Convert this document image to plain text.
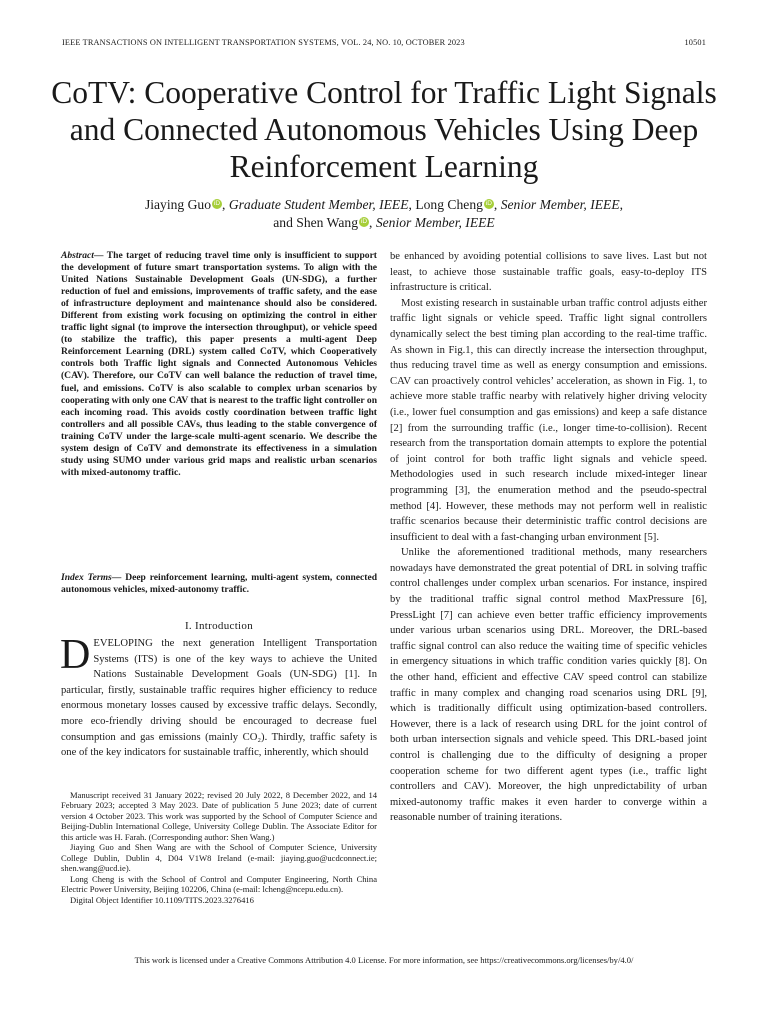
IEEE TRANSACTIONS ON INTELLIGENT TRANSPORTATION SYSTEMS, VOL. 24, NO. 10, OCTOBER 2023	10501
CoTV: Cooperative Control for Traffic Light Signals and Connected Autonomous Vehicles Using Deep Reinforcement Learning
Jiaying Guo iD , Graduate Student Member, IEEE, Long Cheng iD , Senior Member, IEEE,
and Shen Wang iD , Senior Member, IEEE
Abstract— The target of reducing travel time only is insufficient to support the development of future smart transportation systems. To align with the United Nations Sustainable Development Goals (UN-SDG), a further reduction of fuel and emissions, improvements of traffic safety, and the ease of infrastructure deployment and maintenance should also be considered. Different from existing work focusing on optimizing the control in either traffic light signal (to improve the intersection throughput), or vehicle speed (to stabilize the traffic), this paper presents a multi-agent Deep Reinforcement Learning (DRL) system called CoTV, which Cooperatively controls both Traffic light signals and Connected Autonomous Vehicles (CAV). Therefore, our CoTV can well balance the reduction of travel time, fuel, and emissions. CoTV is also scalable to complex urban scenarios by cooperating with only one CAV that is nearest to the traffic light controller on each incoming road. This avoids costly coordination between traffic light controllers and all possible CAVs, thus leading to the stable convergence of training CoTV under the large-scale multi-agent scenario. We describe the system design of CoTV and demonstrate its effectiveness in a simulation study using SUMO under various grid maps and realistic urban scenarios with mixed-autonomy traffic.
Index Terms— Deep reinforcement learning, multi-agent system, connected autonomous vehicles, mixed-autonomy traffic.
I. Introduction

DEVELOPING the next generation Intelligent Transportation Systems (ITS) is one of the key ways to achieve the United Nations Sustainable Development Goals (UN-SDG) [1]. In particular, firstly, sustainable traffic requires higher efficiency to reduce enormous monetary losses caused by excessive traffic delays. Secondly, more eco-friendly driving should be encouraged to decrease fuel consumption and gas emissions (mainly CO₂). Thirdly, traffic safety is one of the key indicators for sustainable traffic, inherently, which should

Manuscript received 31 January 2022; revised 20 July 2022, 8 December 2022, and 14 February 2023; accepted 3 May 2023. Date of publication 5 June 2023; date of current version 4 October 2023. This work was supported by the School of Computer Science and Beijing-Dublin International College, University College Dublin. The Associate Editor for this article was H. Farah. (Corresponding author: Shen Wang.)

Jiaying Guo and Shen Wang are with the School of Computer Science, University College Dublin, Dublin 4, D04 V1W8 Ireland (e-mail: jiaying.guo@ucdconnect.ie; shen.wang@ucd.ie).

Long Cheng is with the School of Control and Computer Engineering, North China Electric Power University, Beijing 102206, China (e-mail: lcheng@ncepu.edu.cn).

Digital Object Identifier 10.1109/TITS.2023.3276416

be enhanced by avoiding potential collisions to save lives. Last but not least, to achieve those sustainable traffic goals, easy-to-deploy ITS infrastructure is critical.

Most existing research in sustainable urban traffic control adjusts either traffic light signals or vehicle speed. Traffic light signal controllers dynamically select the best timing plan according to the real-time traffic. As shown in Fig.1, this can directly increase the intersection throughput, thus reducing travel time as well as energy consumption and emissions. CAV can proactively control vehicles’ acceleration, as shown in Fig. 1, to achieve more stable traffic nearby with relatively higher driving velocity (i.e., lower fuel consumption and gas emissions) and keep a safe distance [2] from the surrounding traffic (i.e., longer time-to-collision). Recent research from the transportation domain attempts to explore the potential of joint control for both traffic light signals and vehicle speed. Methodologies used in such research include mixed-integer linear programming [3], the enumeration method and the pseudo-spectral method [4]. However, these methods may not perform well in realistic traffic scenarios because their deterministic traffic control decisions are insufficient to deal with a fast-changing urban environment [5].

Unlike the aforementioned traditional methods, many researchers nowadays have demonstrated the great potential of DRL in solving traffic control challenges under complex urban scenarios. For instance, inspired by the traditional traffic signal control method MaxPressure [6], PressLight [7] can achieve even better traffic efficiency improvements under various urban scenarios using DRL. Moreover, the DRL-based traffic signal control can also reduce the waiting time of specific vehicles in emergency situations in which traffic condition varies quickly [8]. On the other hand, efficient and effective CAV speed control can stabilize traffic in many complex and changing road scenarios using DRL [9], which is traditionally difficult using optimization-based controllers. However, there is a lack of research using DRL for the joint control of both urban intersection signals and vehicle speed. This DRL-based joint control is challenging due to the difficulty of designing a proper cooperation scheme for two different agent types (i.e., traffic light controllers and CAV). Moreover, the high unpredictability of urban mixed-autonomy traffic makes it even harder to converge within a reasonable number of training iterations.

This work is licensed under a Creative Commons Attribution 4.0 License. For more information, see https://creativecommons.org/licenses/by/4.0/
